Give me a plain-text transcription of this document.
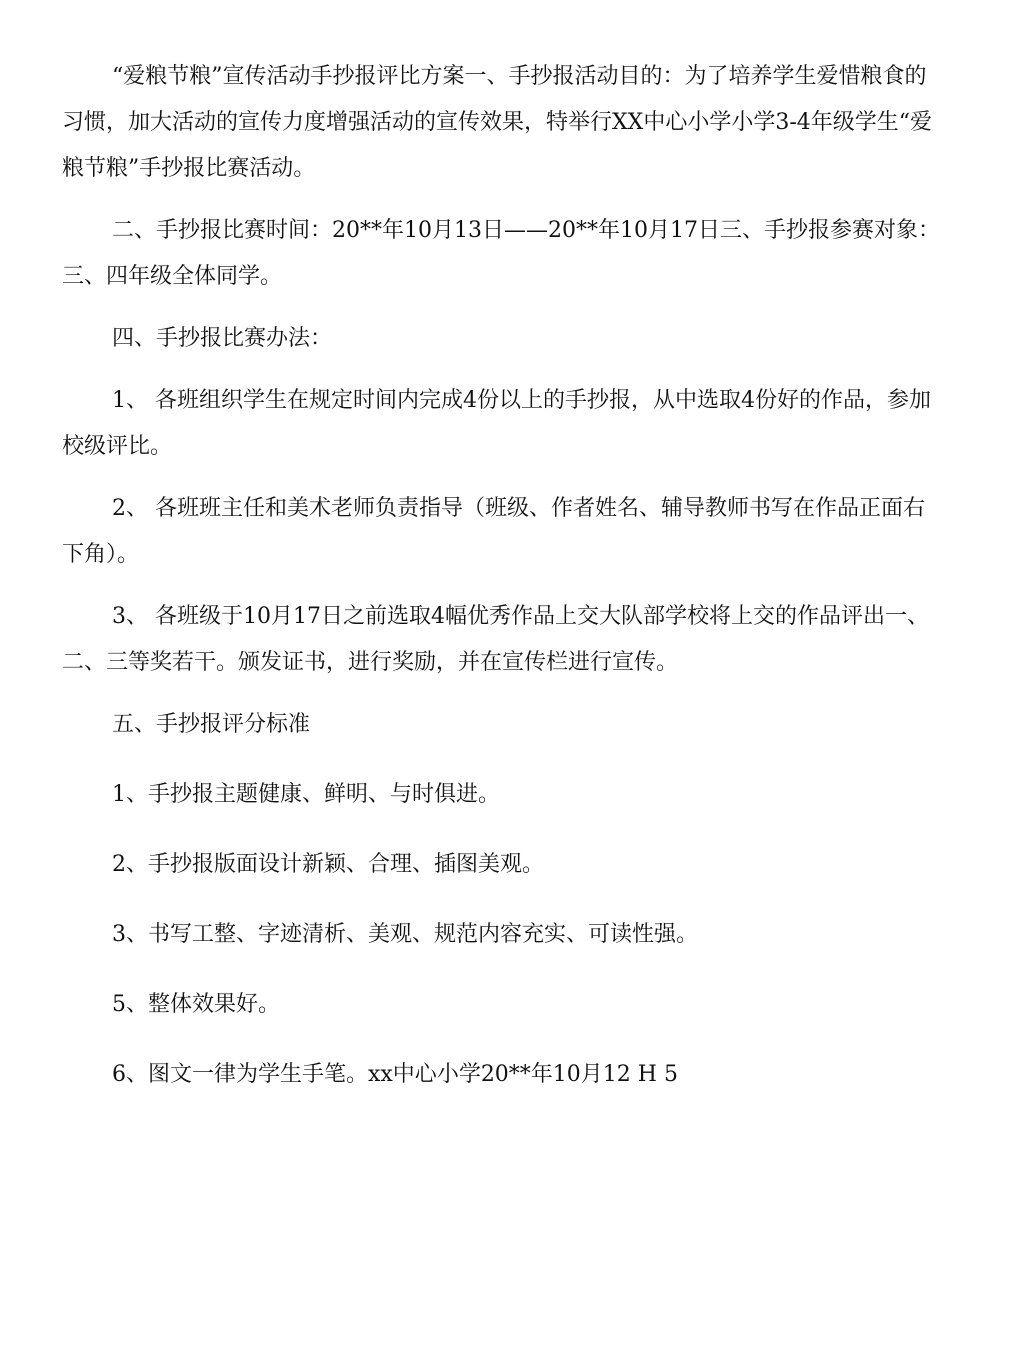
“爱粮节粮”宣传活动手抄报评比方案一、手抄报活动目的：为了培养学生爱惜粮食的习惯，加大活动的宣传力度增强活动的宣传效果，特举行XX中心小学小学3-4年级学生“爱粮节粮”手抄报比赛活动。

二、手抄报比赛时间：20**年10月13日——20**年10月17日三、手抄报参赛对象：三、四年级全体同学。

四、手抄报比赛办法：

1、 各班组织学生在规定时间内完成4份以上的手抄报，从中选取4份好的作品，参加校级评比。

2、 各班班主任和美术老师负责指导（班级、作者姓名、辅导教师书写在作品正面右下角）。

3、 各班级于10月17日之前选取4幅优秀作品上交大队部学校将上交的作品评出一、二、三等奖若干。颁发证书，进行奖励，并在宣传栏进行宣传。

五、手抄报评分标准

1、手抄报主题健康、鲜明、与时俱进。

2、手抄报版面设计新颖、合理、插图美观。

3、书写工整、字迹清析、美观、规范内容充实、可读性强。

5、整体效果好。

6、图文一律为学生手笔。xx中心小学20**年10月12 H 5
